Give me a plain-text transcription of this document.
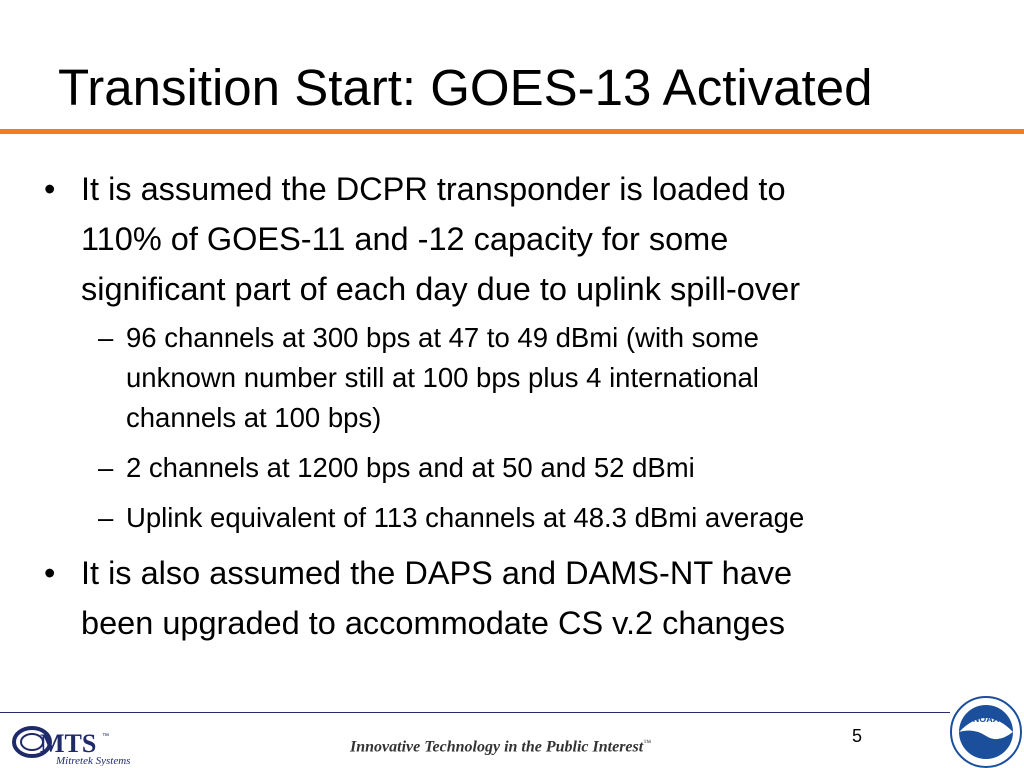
Transition Start: GOES-13 Activated
• It is assumed the DCPR transponder is loaded to
110% of GOES-11 and -12 capacity for some
significant part of each day due to uplink spill-over
– 96 channels at 300 bps at 47 to 49 dBmi (with some
unknown number still at 100 bps plus 4 international
channels at 100 bps)
– 2 channels at 1200 bps and at 50 and 52 dBmi
– Uplink equivalent of 113 channels at 48.3 dBmi average
• It is also assumed the DAPS and DAMS-NT have
been upgraded to accommodate CS v.2 changes
MTS ™
Mitretek Systems
Innovative Technology in the Public Interest™	5
NOAA
